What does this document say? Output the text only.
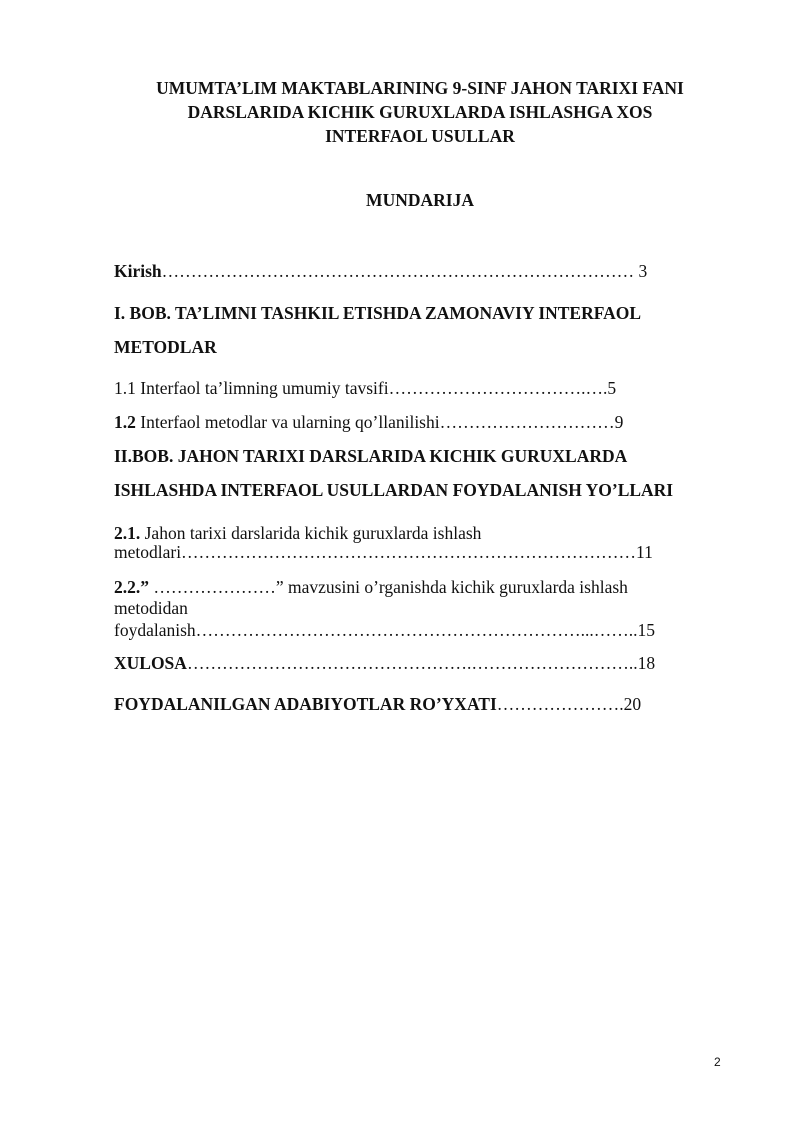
UMUMTA’LIM MAKTABLARINING 9-SINF JAHON TARIXI FANI
DARSLARIDA KICHIK GURUXLARDA ISHLASHGA XOS
INTERFAOL USULLAR
MUNDARIJA
Kirish……………………………………………………………………… 3
I. BOB. TA’LIMNI TASHKIL ETISHDA ZAMONAVIY INTERFAOL
METODLAR
1.1 Interfaol ta’limning umumiy tavsifi…………………………….….5
1.2 Interfaol metodlar va ularning qo’llanilishi…………………………9
II.BOB. JAHON TARIXI DARSLARIDA KICHIK GURUXLARDA
ISHLASHDA INTERFAOL USULLARDAN FOYDALANISH YO’LLARI
2.1. Jahon tarixi darslarida kichik guruxlarda ishlash
metodlari……………………………………………………………………11
2.2.” …………………” mavzusini o’rganishda kichik guruxlarda ishlash
metodidan
foydalanish…………………………………………………………...……..15
XULOSA………………………………………….………………………..18
FOYDALANILGAN ADABIYOTLAR RO’YXATI………………….20
2
